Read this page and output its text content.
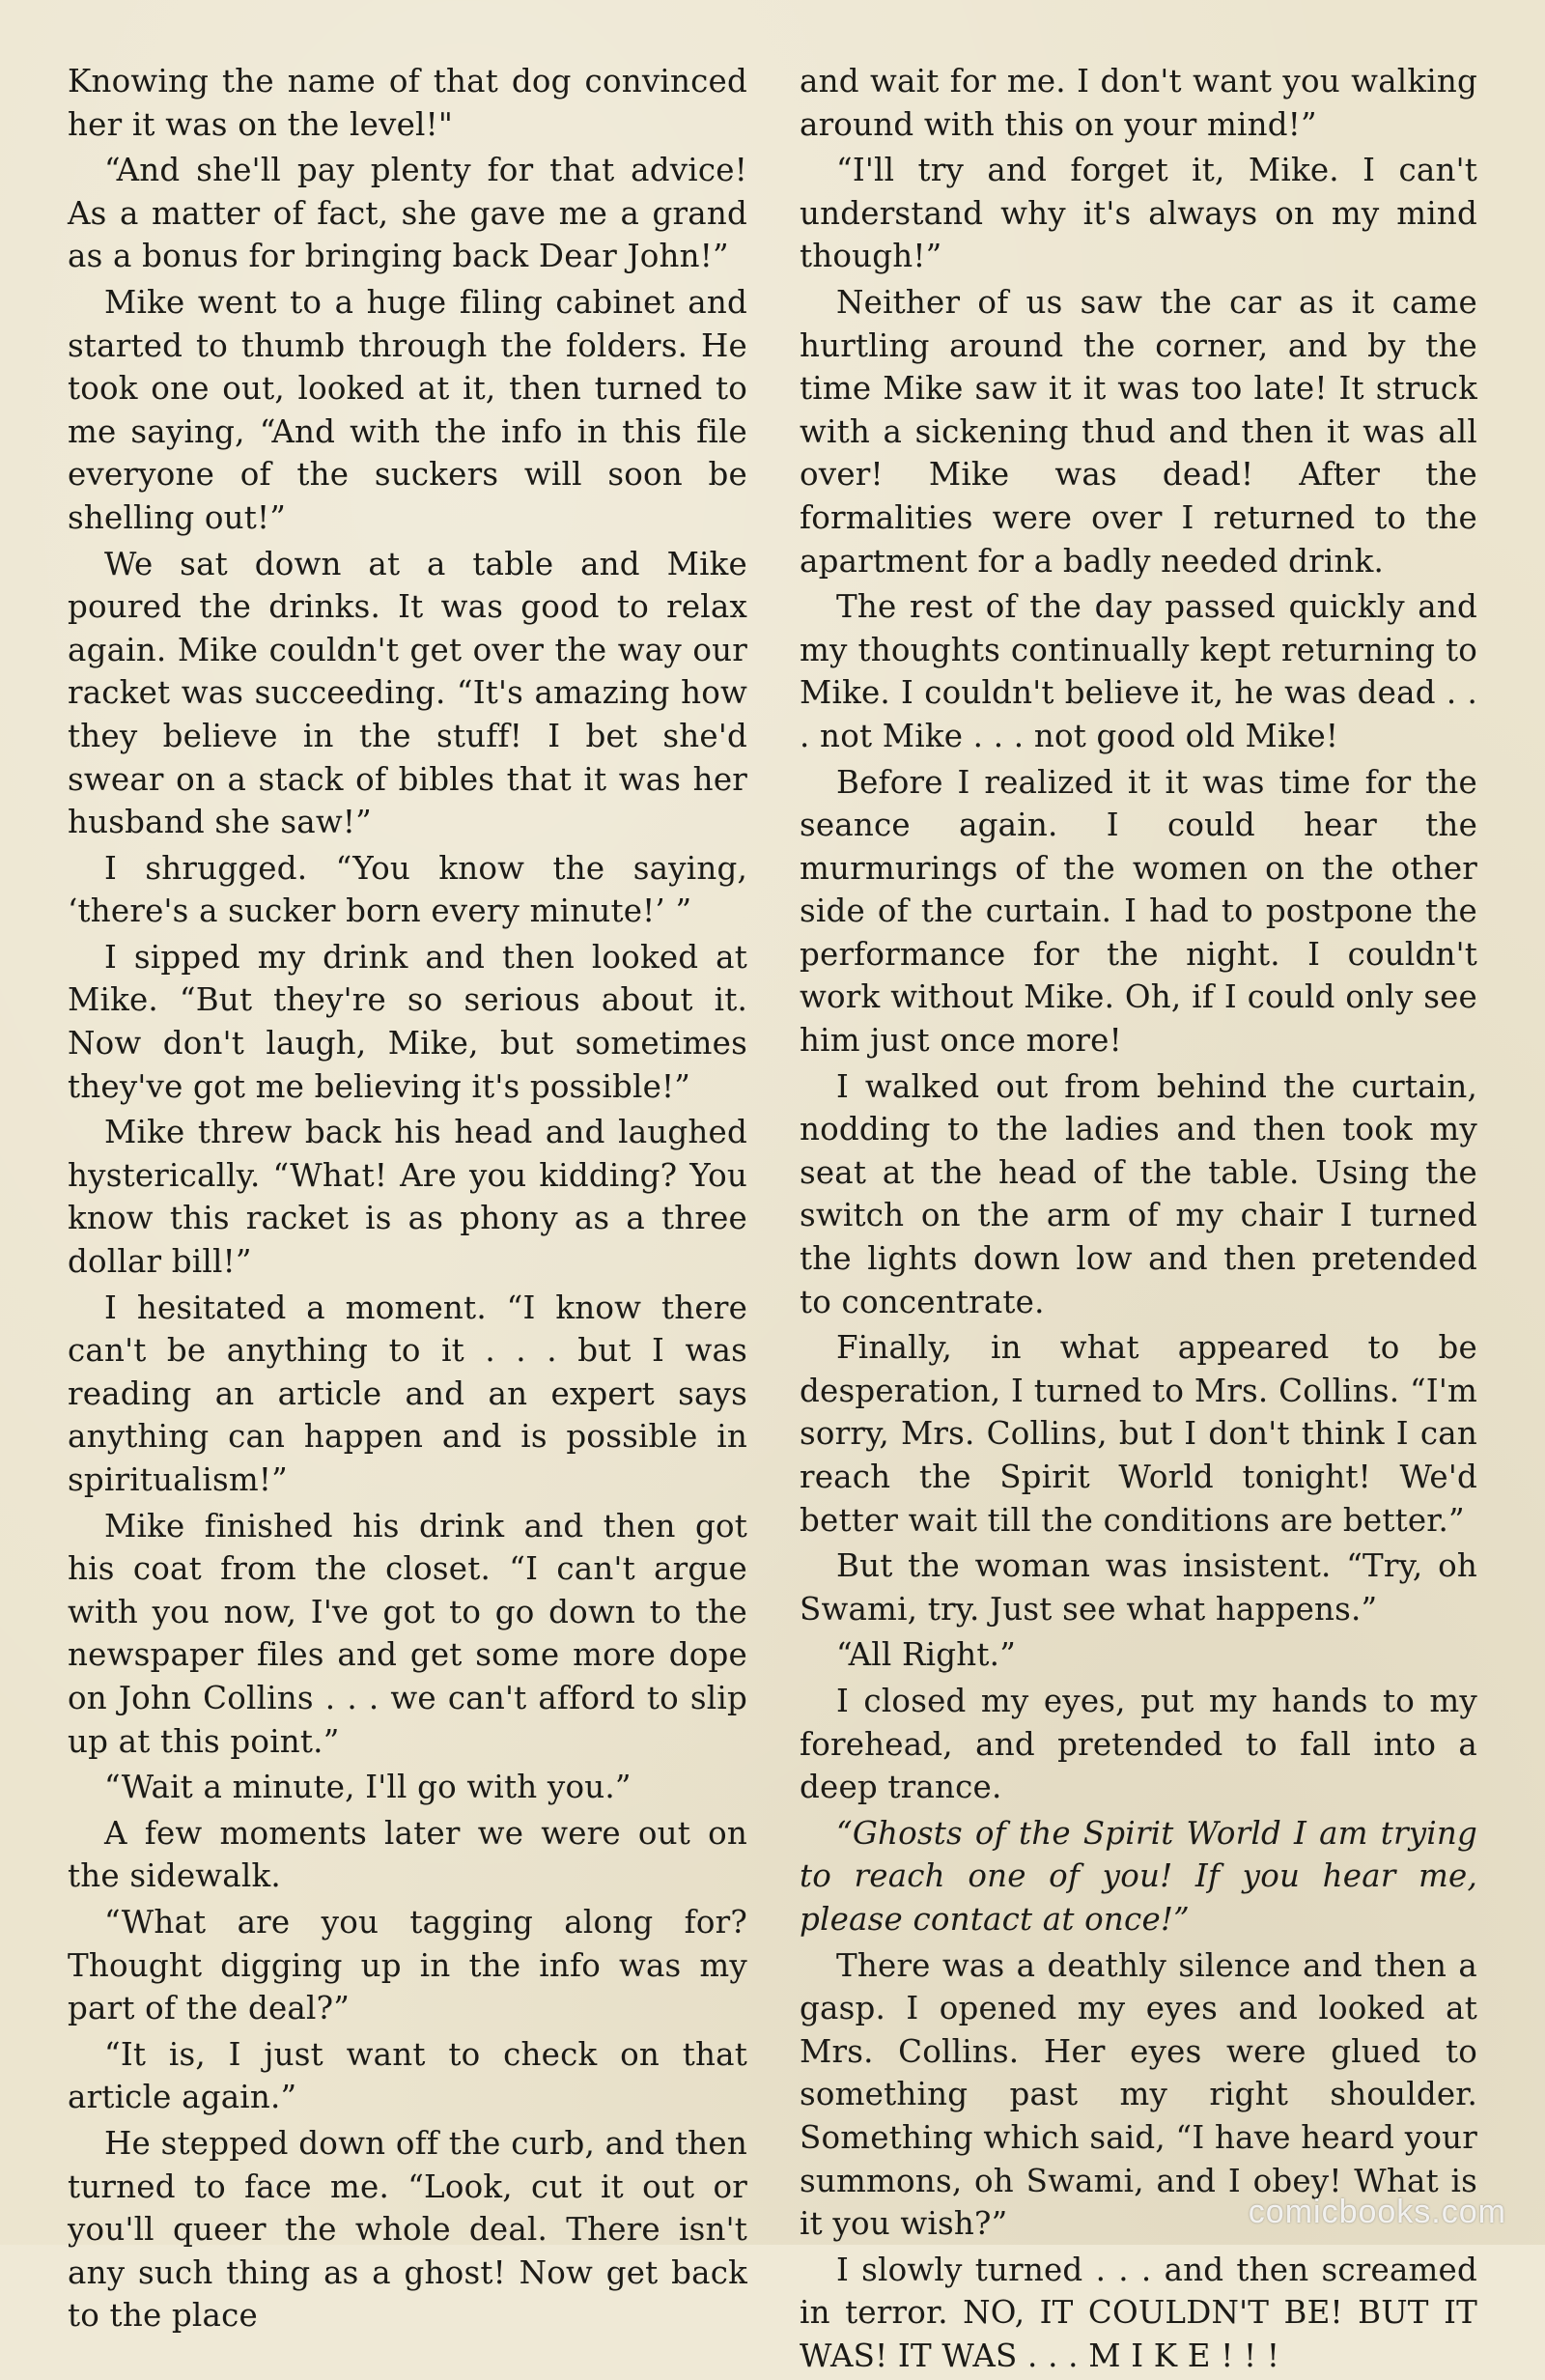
Knowing the name of that dog convinced her it was on the level!"

“And she'll pay plenty for that advice! As a matter of fact, she gave me a grand as a bonus for bringing back Dear John!”

Mike went to a huge filing cabinet and started to thumb through the folders. He took one out, looked at it, then turned to me saying, “And with the info in this file everyone of the suckers will soon be shelling out!”

We sat down at a table and Mike poured the drinks. It was good to relax again. Mike couldn't get over the way our racket was succeeding. “It's amazing how they believe in the stuff! I bet she'd swear on a stack of bibles that it was her husband she saw!”

I shrugged. “You know the saying, ‘there's a sucker born every minute!’ ”

I sipped my drink and then looked at Mike. “But they're so serious about it. Now don't laugh, Mike, but sometimes they've got me believing it's possible!”

Mike threw back his head and laughed hysterically. “What! Are you kidding? You know this racket is as phony as a three dollar bill!”

I hesitated a moment. “I know there can't be anything to it . . . but I was reading an article and an expert says anything can happen and is possible in spiritualism!”

Mike finished his drink and then got his coat from the closet. “I can't argue with you now, I've got to go down to the newspaper files and get some more dope on John Collins . . . we can't afford to slip up at this point.”

“Wait a minute, I'll go with you.”

A few moments later we were out on the sidewalk.

“What are you tagging along for? Thought digging up in the info was my part of the deal?”

“It is, I just want to check on that article again.”

He stepped down off the curb, and then turned to face me. “Look, cut it out or you'll queer the whole deal. There isn't any such thing as a ghost! Now get back to the place

and wait for me. I don't want you walking around with this on your mind!”

“I'll try and forget it, Mike. I can't understand why it's always on my mind though!”

Neither of us saw the car as it came hurtling around the corner, and by the time Mike saw it it was too late! It struck with a sickening thud and then it was all over! Mike was dead! After the formalities were over I returned to the apartment for a badly needed drink.

The rest of the day passed quickly and my thoughts continually kept returning to Mike. I couldn't believe it, he was dead . . . not Mike . . . not good old Mike!

Before I realized it it was time for the seance again. I could hear the murmurings of the women on the other side of the curtain. I had to postpone the performance for the night. I couldn't work without Mike. Oh, if I could only see him just once more!

I walked out from behind the curtain, nodding to the ladies and then took my seat at the head of the table. Using the switch on the arm of my chair I turned the lights down low and then pretended to concentrate.

Finally, in what appeared to be desperation, I turned to Mrs. Collins. “I'm sorry, Mrs. Collins, but I don't think I can reach the Spirit World tonight! We'd better wait till the conditions are better.”

But the woman was insistent. “Try, oh Swami, try. Just see what happens.”

“All Right.”

I closed my eyes, put my hands to my forehead, and pretended to fall into a deep trance.

“Ghosts of the Spirit World I am trying to reach one of you! If you hear me, please contact at once!”

There was a deathly silence and then a gasp. I opened my eyes and looked at Mrs. Collins. Her eyes were glued to something past my right shoulder. Something which said, “I have heard your summons, oh Swami, and I obey! What is it you wish?”

I slowly turned . . . and then screamed in terror. NO, IT COULDN'T BE! BUT IT WAS! IT WAS . . . M I K E ! ! !

comicbooks.com
